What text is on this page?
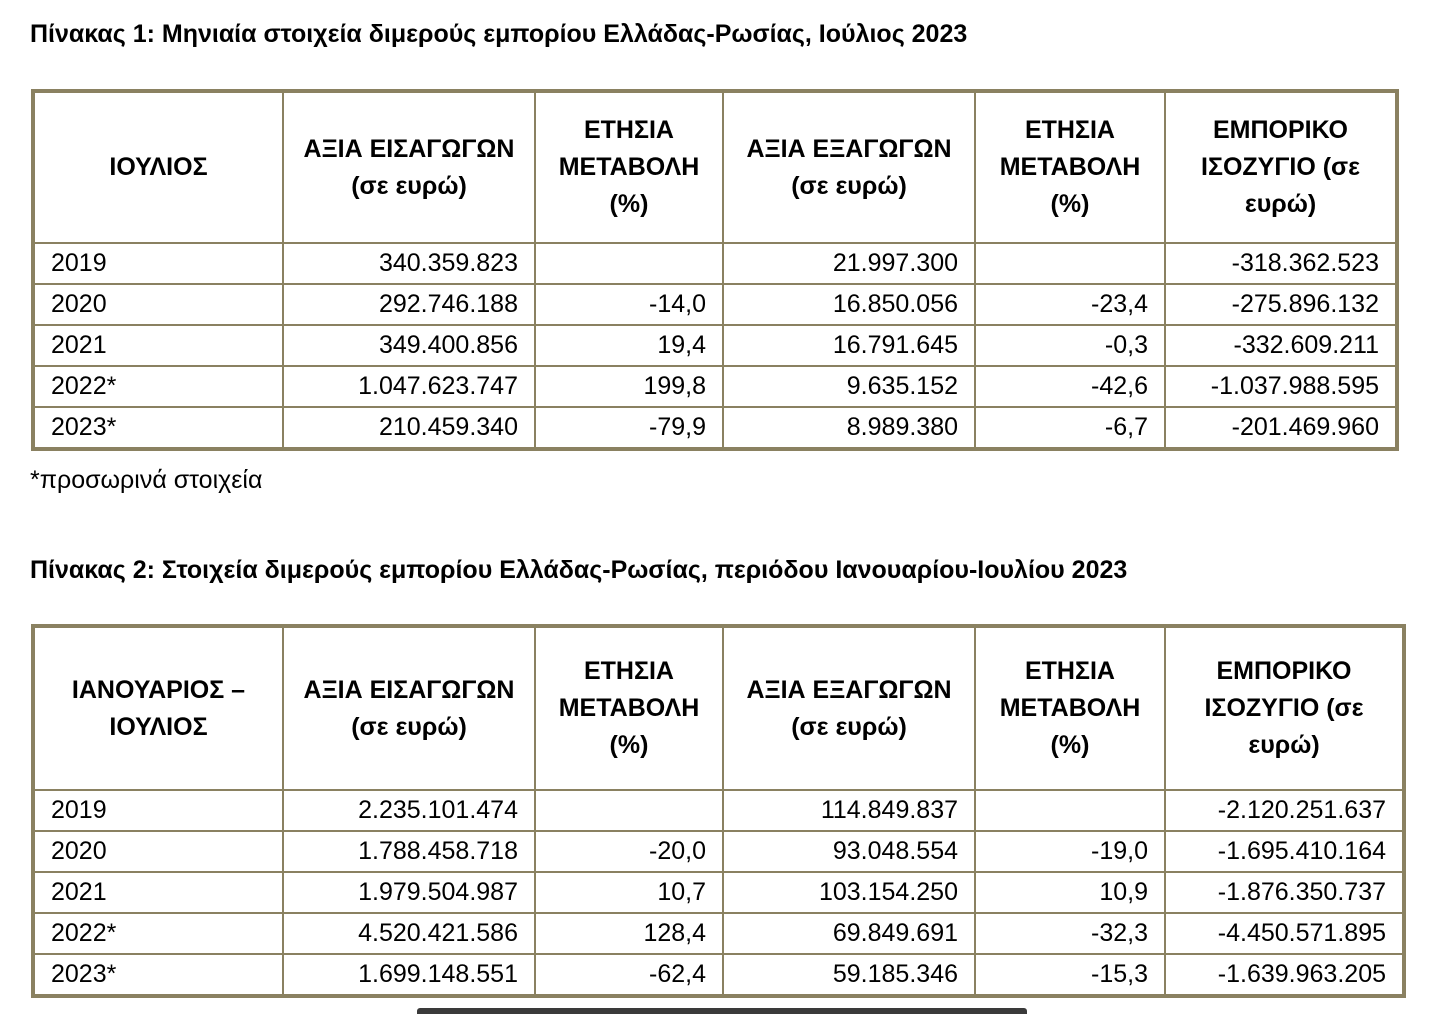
Πίνακας 1: Μηνιαία στοιχεία διμερούς εμπορίου Ελλάδας-Ρωσίας, Ιούλιος 2023
ΙΟΥΛΙΟΣ	ΑΞΙΑ ΕΙΣΑΓΩΓΩΝ (σε ευρώ)	ΕΤΗΣΙΑ ΜΕΤΑΒΟΛΗ (%)	ΑΞΙΑ ΕΞΑΓΩΓΩΝ (σε ευρώ)	ΕΤΗΣΙΑ ΜΕΤΑΒΟΛΗ (%)	ΕΜΠΟΡΙΚΟ ΙΣΟΖΥΓΙΟ (σε ευρώ)
2019	340.359.823		21.997.300		-318.362.523
2020	292.746.188	-14,0	16.850.056	-23,4	-275.896.132
2021	349.400.856	19,4	16.791.645	-0,3	-332.609.211
2022*	1.047.623.747	199,8	9.635.152	-42,6	-1.037.988.595
2023*	210.459.340	-79,9	8.989.380	-6,7	-201.469.960
*προσωρινά στοιχεία
Πίνακας 2: Στοιχεία διμερούς εμπορίου Ελλάδας-Ρωσίας, περιόδου Ιανουαρίου-Ιουλίου 2023
ΙΑΝΟΥΑΡΙΟΣ – ΙΟΥΛΙΟΣ	ΑΞΙΑ ΕΙΣΑΓΩΓΩΝ (σε ευρώ)	ΕΤΗΣΙΑ ΜΕΤΑΒΟΛΗ (%)	ΑΞΙΑ ΕΞΑΓΩΓΩΝ (σε ευρώ)	ΕΤΗΣΙΑ ΜΕΤΑΒΟΛΗ (%)	ΕΜΠΟΡΙΚΟ ΙΣΟΖΥΓΙΟ (σε ευρώ)
2019	2.235.101.474		114.849.837		-2.120.251.637
2020	1.788.458.718	-20,0	93.048.554	-19,0	-1.695.410.164
2021	1.979.504.987	10,7	103.154.250	10,9	-1.876.350.737
2022*	4.520.421.586	128,4	69.849.691	-32,3	-4.450.571.895
2023*	1.699.148.551	-62,4	59.185.346	-15,3	-1.639.963.205
